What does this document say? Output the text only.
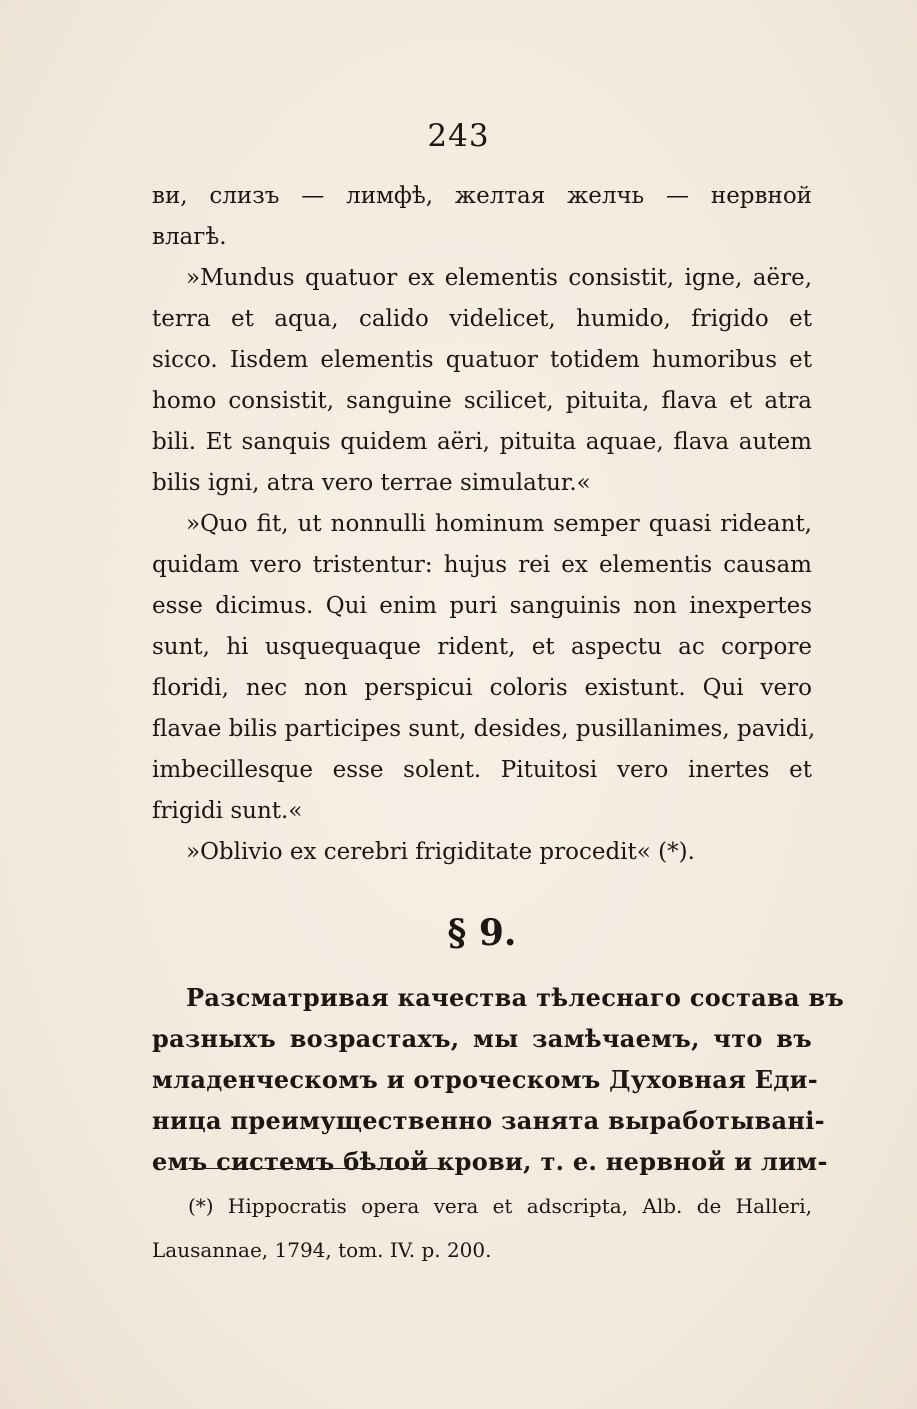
243
ви, слизъ — лимфѣ, желтая желчь — нервной
влагѣ.
»Mundus quatuor ex elementis consistit, igne, aëre,
terra et aqua, calido videlicet, humido, frigido et
sicco. Iisdem elementis quatuor totidem humoribus et
homo consistit, sanguine scilicet, pituita, flava et atra
bili. Et sanquis quidem aëri, pituita aquae, flava autem
bilis igni, atra vero terrae simulatur.«
»Quo fit, ut nonnulli hominum semper quasi rideant,
quidam vero tristentur: hujus rei ex elementis causam
esse dicimus. Qui enim puri sanguinis non inexpertes
sunt, hi usquequaque rident, et aspectu ac corpore
floridi, nec non perspicui coloris existunt. Qui vero
flavae bilis participes sunt, desides, pusillanimes, pavidi,
imbecillesque esse solent. Pituitosi vero inertes et
frigidi sunt.«
»Oblivio ex cerebri frigiditate procedit« (*).
§ 9.
Разсматривая качества тѣлеснаго состава въ
разныхъ возрастахъ, мы замѣчаемъ, что въ
младенческомъ и отроческомъ Духовная Еди-
ница преимущественно занята выработывані-
емъ системъ бѣлой крови, т. е. нервной и лим-
(*) Hippocratis opera vera et adscripta, Alb. de Halleri,
Lausannae, 1794, tom. IV. p. 200.
